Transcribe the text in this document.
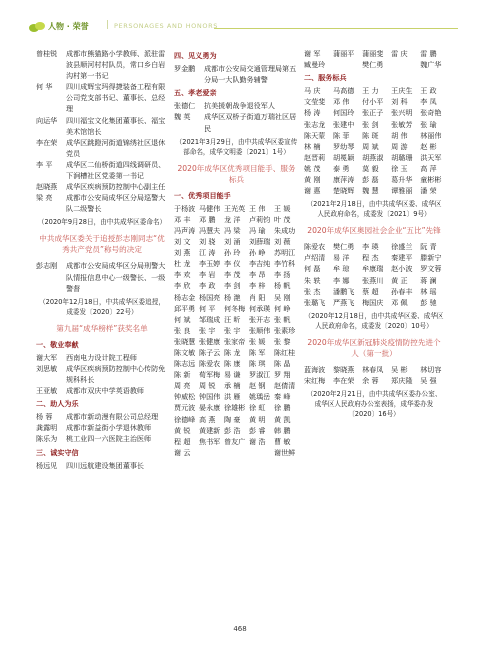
人物 · 荣誉 | PERSONAGES AND HONORS
曾桂锐	成都市熊猫路小学教师、派驻雷波县顺河村村队员，常口乡白岩沟村第一书记
何 华	四川成辉宝玛得捷装备工程有限公司党支部书记、董事长、总经理
向运华	四川福宝文化集团董事长、福宝美术馆馆长
李在荣	成华区跳蹬河街道锦绣社区退休党员
李 平	成华区二仙桥街道四线调研员、下涧槽社区党委第一书记
赵晓燕	成华区疾病预防控制中心副主任
梁 亮	成都市公安局成华区分局巡警大队二级警长
（2020年9月28日，由中共成华区委命名）
中共成华区委关于追授彭志刚同志“优秀共产党员”称号的决定
彭志刚	成都市公安局成华区分局刑警大队情报信息中心一级警长、一级警督
（2020年12月18日，中共成华区委追授，成委发〔2020〕22号）
第九届“成华榜样”获奖名单
一、敬业奉献
谢大军	西南电力设计院工程师
刘思敏	成华区疾病预防控制中心传防免规科科长
王亚敏	成都市双庆中学英语教师
二、助人为乐
杨 蓉	成都市新动漫有限公司总经理
龚露明	成都市新益街小学退休教师
陈乐为	桃工业四一六医院主治医师
三、诚实守信
杨远见	四川远航建设集团董事长
四、见义勇为
罗金鹏	成都市公安局交通管理局第五分局一大队勤务辅警
五、孝老爱亲
张德仁	抗美援朝战争退役军人
魏 英	成华区双桥子街道万瑞社区居民
（2021年3月29日，由中共成华区委宣传部命名，成华文明委〔2021〕1号）
2020年成华区优秀项目能手、服务标兵
一、优秀项目能手
于杨波 马健伟 王光英 王 伟	王 媛
邓 丰	邓 鹏	龙 洋	卢莉钧 叶 茂
冯声涛 冯慧夫 冯 梁	冯 瑜	朱成功
刘 文	刘 骁	刘 涌	刘薛瑞 刘 薇
刘 燕	江 涛	孙 玲	孙 峥	苏明江
杜 龙	李玉婷 李 仪	李吉纯 李竹科
李 欢	李 岩	李 茂	李 昂	李 扬
李 欣	李 政	李 剑	李 梓	杨 帆
杨志金 杨国亮 杨 滟	肖 阳	吴 刚
邱平勇 何 平	何冬梅 何承瑛 何 峥
何 斌	邹瑞成 汪 昕	张开志 张 帆
张 良	张 宇	张 宇	张顺伟 张素珍
张晓慧 张健康 张家帝 张 媛	张 黎
陈文敏 陈子云 陈 龙	陈 军	陈红桂
陈志远 陈爱农 陈 康	陈 琪	陈 晶
陈 新	荀军梅 易 谦	罗淑江 罗 翔
周 亮	周 锐	承 楠	赵 钢	赵倩清
钟威松 钟国伟 洪 雁	姚瑀岳 秦 峰
贾元波 晏永康 徐雄彬 徐 虹	徐 鹏
徐德峰 高 燕	陶 豪	黄 明	黄 凯
黄 锐	黄建新 彭 浩	彭 睿	韩 鹏
程 超	焦书军 曾友广 谢 浩	曹 敏
谢 云	谢世鲜
谢 军	蒲丽平	蒲丽斐	雷 庆	雷 鹏
臧曼玲	樊仁勇	魏广华
二、服务标兵
马 庆	马高德	王 力	王庆生	王 政
文莹斐	邓 伟	付小平	刘 科	李 凤
杨 涛	何国玲	张正子	张兴明	张奇艳
张志龙	张建中	张 剑	张敏芳	张 瑜
陈天蒙	陈 菲	陈 斑	胡 伟	林丽伟
林 楠	罗幼琴	周 斌	周 游	赵 彬
赵晋莉	胡冕颖	胡燕淑	胡璐珊	洪天军
姚 茂	泰 勇	莫 毅	徐 玉	高 萍
黄 刚	康萍涛	彭 磊	葛升华	童彬彬
谢 惠	楚晓辉	魏 慧	谭雅丽	潘 荣
（2021年2月18日，由中共成华区委、成华区人民政府命名，成委发〔2021〕9号）
2020年成华区奥园社会企业“五比”先锋
陈爱农	樊仁勇	李 瑛	徐盛兰	阮 青
卢绍清	易 洋	程 杰	秦建平	滕新宁
何 磊	牟 琼	牟康瑞	赵小波	罗文蓉
朱 轶	李 娜	张燕川	黄 正	蒋 澜
张 杰	潘鹏飞	蔡 超	孙春丰	林 瑶
张璐飞	严燕飞	梅国庆	邓 佩	彭 驰
（2020年12月18日，由中共成华区委、成华区人民政府命名，成委发〔2020〕10号）
2020年成华区新冠肺炎疫情防控先进个人（第一批）
蓝海波	黎晓燕	林春凤	吴 彬	林切容
宋红梅	李在荣	余 蓉	郑庆隆	吴 强
（2020年2月21日，由中共成华区委办公室、成华区人民政府办公室表扬，成华委办发〔2020〕16号）
468
